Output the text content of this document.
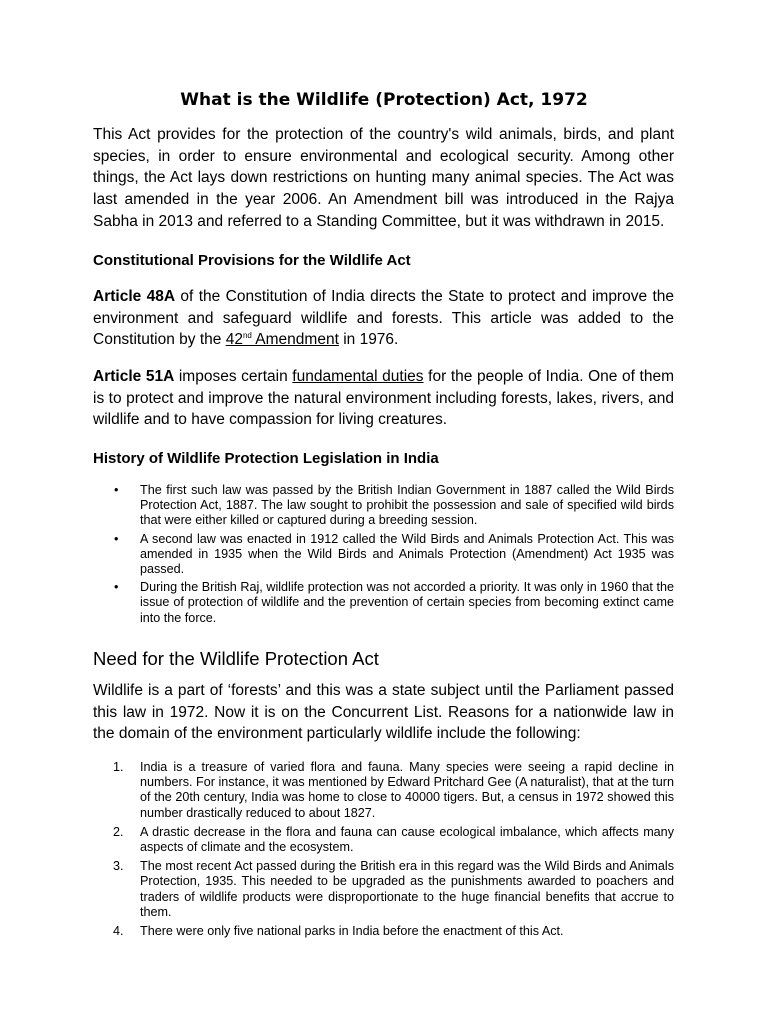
What is the Wildlife (Protection) Act, 1972

This Act provides for the protection of the country's wild animals, birds, and plant species, in order to ensure environmental and ecological security. Among other things, the Act lays down restrictions on hunting many animal species. The Act was last amended in the year 2006. An Amendment bill was introduced in the Rajya Sabha in 2013 and referred to a Standing Committee, but it was withdrawn in 2015.

Constitutional Provisions for the Wildlife Act

Article 48A of the Constitution of India directs the State to protect and improve the environment and safeguard wildlife and forests. This article was added to the Constitution by the 42nd Amendment in 1976.

Article 51A imposes certain fundamental duties for the people of India. One of them is to protect and improve the natural environment including forests, lakes, rivers, and wildlife and to have compassion for living creatures.

History of Wildlife Protection Legislation in India

• The first such law was passed by the British Indian Government in 1887 called the Wild Birds Protection Act, 1887. The law sought to prohibit the possession and sale of specified wild birds that were either killed or captured during a breeding session.
• A second law was enacted in 1912 called the Wild Birds and Animals Protection Act. This was amended in 1935 when the Wild Birds and Animals Protection (Amendment) Act 1935 was passed.
• During the British Raj, wildlife protection was not accorded a priority. It was only in 1960 that the issue of protection of wildlife and the prevention of certain species from becoming extinct came into the force.

Need for the Wildlife Protection Act

Wildlife is a part of ‘forests’ and this was a state subject until the Parliament passed this law in 1972. Now it is on the Concurrent List. Reasons for a nationwide law in the domain of the environment particularly wildlife include the following:

1.	India is a treasure of varied flora and fauna. Many species were seeing a rapid decline in numbers. For instance, it was mentioned by Edward Pritchard Gee (A naturalist), that at the turn of the 20th century, India was home to close to 40000 tigers. But, a census in 1972 showed this number drastically reduced to about 1827.
2.	A drastic decrease in the flora and fauna can cause ecological imbalance, which affects many aspects of climate and the ecosystem.
3.	The most recent Act passed during the British era in this regard was the Wild Birds and Animals Protection, 1935. This needed to be upgraded as the punishments awarded to poachers and traders of wildlife products were disproportionate to the huge financial benefits that accrue to them.
4.	There were only five national parks in India before the enactment of this Act.
